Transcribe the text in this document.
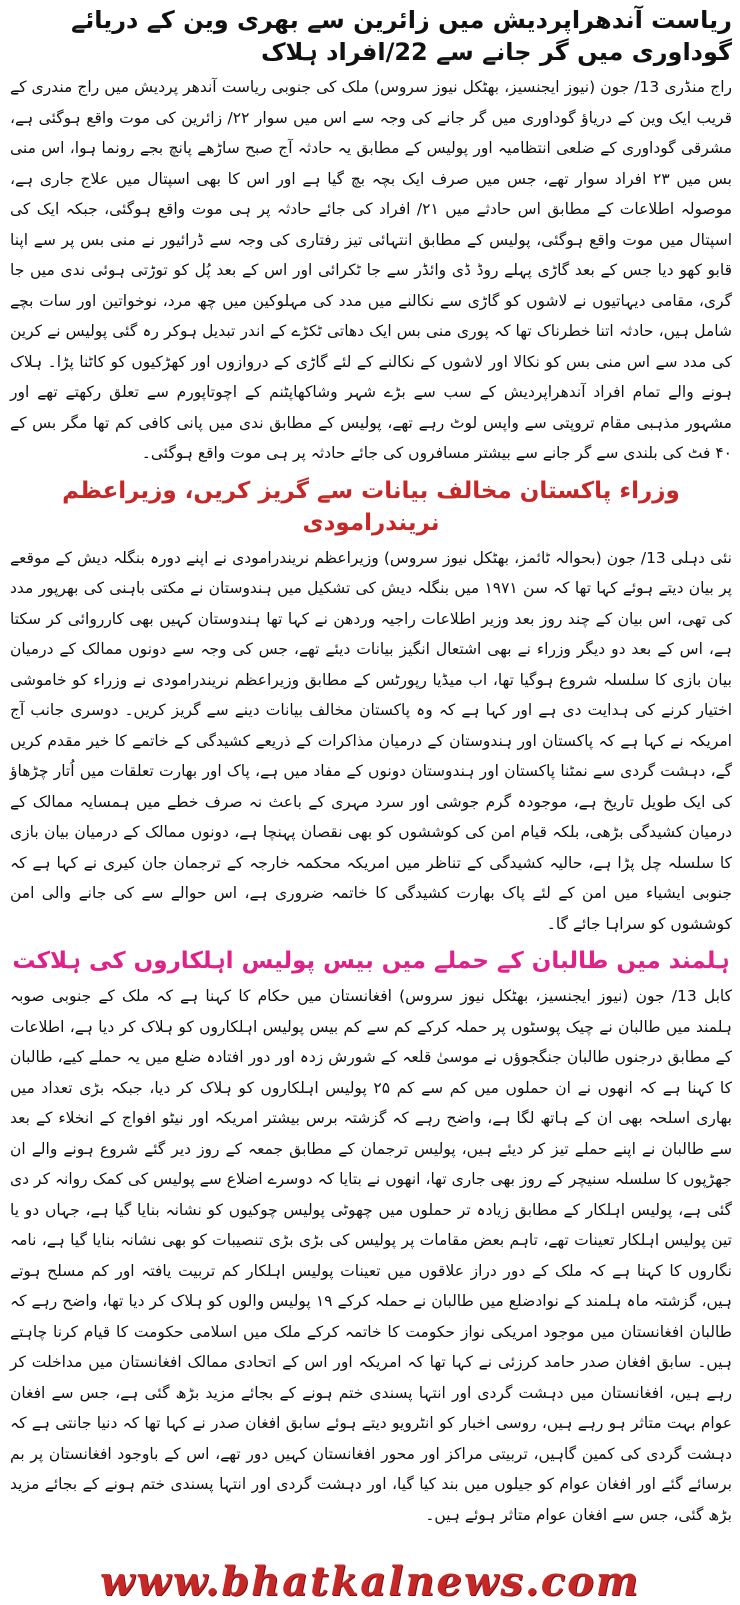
ریاست آندھراپردیش میں زائرین سے بھری وین کے دریائے گوداوری میں گر جانے سے 22/افراد ہلاک

راج منڈری 13/ جون (نیوز ایجنسیز، بھٹکل نیوز سروس) ملک کی جنوبی ریاست آندھر پردیش میں راج مندری کے قریب ایک وین کے دریاؤ گوداوری میں گر جانے کی وجہ سے اس میں سوار ۲۲/ زائرین کی موت واقع ہوگئی ہے، مشرقی گوداوری کے ضلعی انتظامیہ اور پولیس کے مطابق یہ حادثہ آج صبح ساڑھے پانچ بجے رونما ہوا، اس منی بس میں ۲۳ افراد سوار تھے، جس میں صرف ایک بچہ بچ گیا ہے اور اس کا بھی اسپتال میں علاج جاری ہے، موصولہ اطلاعات کے مطابق اس حادثے میں ۲۱/ افراد کی جائے حادثہ پر ہی موت واقع ہوگئی، جبکہ ایک کی اسپتال میں موت واقع ہوگئی، پولیس کے مطابق انتہائی تیز رفتاری کی وجہ سے ڈرائیور نے منی بس پر سے اپنا قابو کھو دیا جس کے بعد گاڑی پہلے روڈ ڈی وائڈر سے جا ٹکرائی اور اس کے بعد پُل کو توڑتی ہوئی ندی میں جا گری، مقامی دیہاتیوں نے لاشوں کو گاڑی سے نکالنے میں مدد کی مہلوکین میں چھ مرد، نوخواتین اور سات بچے شامل ہیں، حادثہ اتنا خطرناک تھا کہ پوری منی بس ایک دھاتی ٹکڑے کے اندر تبدیل ہوکر رہ گئی پولیس نے کرین کی مدد سے اس منی بس کو نکالا اور لاشوں کے نکالنے کے لئے گاڑی کے دروازوں اور کھڑکیوں کو کاٹنا پڑا۔ ہلاک ہونے والے تمام افراد آندھراپردیش کے سب سے بڑے شہر وشاکھاپٹنم کے اچوتاپورم سے تعلق رکھتے تھے اور مشہور مذہبی مقام تروپتی سے واپس لوٹ رہے تھے، پولیس کے مطابق ندی میں پانی کافی کم تھا مگر بس کے ۴۰ فٹ کی بلندی سے گر جانے سے بیشتر مسافروں کی جائے حادثہ پر ہی موت واقع ہوگئی۔

وزراء پاکستان مخالف بیانات سے گریز کریں، وزیراعظم نریندرامودی

نئی دہلی 13/ جون (بحوالہ ٹائمز، بھٹکل نیوز سروس) وزیراعظم نریندرامودی نے اپنے دورہ بنگلہ دیش کے موقعے پر بیان دیتے ہوئے کہا تھا کہ سن ۱۹۷۱ میں بنگلہ دیش کی تشکیل میں ہندوستان نے مکتی باہنی کی بھرپور مدد کی تھی، اس بیان کے چند روز بعد وزیر اطلاعات راجیہ وردھن نے کہا تھا ہندوستان کہیں بھی کارروائی کر سکتا ہے، اس کے بعد دو دیگر وزراء نے بھی اشتعال انگیز بیانات دیئے تھے، جس کی وجہ سے دونوں ممالک کے درمیان بیان بازی کا سلسلہ شروع ہوگیا تھا، اب میڈیا رپورٹس کے مطابق وزیراعظم نریندرامودی نے وزراء کو خاموشی اختیار کرنے کی ہدایت دی ہے اور کہا ہے کہ وہ پاکستان مخالف بیانات دینے سے گریز کریں۔ دوسری جانب آج امریکہ نے کہا ہے کہ پاکستان اور ہندوستان کے درمیان مذاکرات کے ذریعے کشیدگی کے خاتمے کا خیر مقدم کریں گے، دہشت گردی سے نمٹنا پاکستان اور ہندوستان دونوں کے مفاد میں ہے، پاک اور بھارت تعلقات میں اُتار چڑھاؤ کی ایک طویل تاریخ ہے، موجودہ گرم جوشی اور سرد مہری کے باعث نہ صرف خطے میں ہمسایہ ممالک کے درمیان کشیدگی بڑھی، بلکہ قیام امن کی کوششوں کو بھی نقصان پہنچا ہے، دونوں ممالک کے درمیان بیان بازی کا سلسلہ چل پڑا ہے، حالیہ کشیدگی کے تناظر میں امریکہ محکمہ خارجہ کے ترجمان جان کیری نے کہا ہے کہ جنوبی ایشیاء میں امن کے لئے پاک بھارت کشیدگی کا خاتمہ ضروری ہے، اس حوالے سے کی جانے والی امن کوششوں کو سراہا جائے گا۔

ہلمند میں طالبان کے حملے میں بیس پولیس اہلکاروں کی ہلاکت

کابل 13/ جون (نیوز ایجنسیز، بھٹکل نیوز سروس) افغانستان میں حکام کا کہنا ہے کہ ملک کے جنوبی صوبہ ہلمند میں طالبان نے چیک پوسٹوں پر حملہ کرکے کم سے کم بیس پولیس اہلکاروں کو ہلاک کر دیا ہے، اطلاعات کے مطابق درجنوں طالبان جنگجوؤں نے موسیٰ قلعہ کے شورش زدہ اور دور افتادہ ضلع میں یہ حملے کیے، طالبان کا کہنا ہے کہ انھوں نے ان حملوں میں کم سے کم ۲۵ پولیس اہلکاروں کو ہلاک کر دیا، جبکہ بڑی تعداد میں بھاری اسلحہ بھی ان کے ہاتھ لگا ہے، واضح رہے کہ گزشتہ برس بیشتر امریکہ اور نیٹو افواج کے انخلاء کے بعد سے طالبان نے اپنے حملے تیز کر دیئے ہیں، پولیس ترجمان کے مطابق جمعہ کے روز دیر گئے شروع ہونے والے ان جھڑپوں کا سلسلہ سنیچر کے روز بھی جاری تھا، انھوں نے بتایا کہ دوسرے اضلاع سے پولیس کی کمک روانہ کر دی گئی ہے، پولیس اہلکار کے مطابق زیادہ تر حملوں میں چھوٹی پولیس چوکیوں کو نشانہ بنایا گیا ہے، جہاں دو یا تین پولیس اہلکار تعینات تھے، تاہم بعض مقامات پر پولیس کی بڑی بڑی تنصیبات کو بھی نشانہ بنایا گیا ہے، نامہ نگاروں کا کہنا ہے کہ ملک کے دور دراز علاقوں میں تعینات پولیس اہلکار کم تربیت یافتہ اور کم مسلح ہوتے ہیں، گزشتہ ماہ ہلمند کے نوادضلع میں طالبان نے حملہ کرکے ۱۹ پولیس والوں کو ہلاک کر دیا تھا، واضح رہے کہ طالبان افغانستان میں موجود امریکی نواز حکومت کا خاتمہ کرکے ملک میں اسلامی حکومت کا قیام کرنا چاہتے ہیں۔ سابق افغان صدر حامد کرزئی نے کہا تھا کہ امریکہ اور اس کے اتحادی ممالک افغانستان میں مداخلت کر رہے ہیں، افغانستان میں دہشت گردی اور انتہا پسندی ختم ہونے کے بجائے مزید بڑھ گئی ہے، جس سے افغان عوام بہت متاثر ہو رہے ہیں، روسی اخبار کو انٹرویو دیتے ہوئے سابق افغان صدر نے کہا تھا کہ دنیا جانتی ہے کہ دہشت گردی کی کمین گاہیں، تربیتی مراکز اور محور افغانستان کہیں دور تھے، اس کے باوجود افغانستان پر بم برسائے گئے اور افغان عوام کو جیلوں میں بند کیا گیا، اور دہشت گردی اور انتہا پسندی ختم ہونے کے بجائے مزید بڑھ گئی، جس سے افغان عوام متاثر ہوئے ہیں۔

www.bhatkalnews.com
